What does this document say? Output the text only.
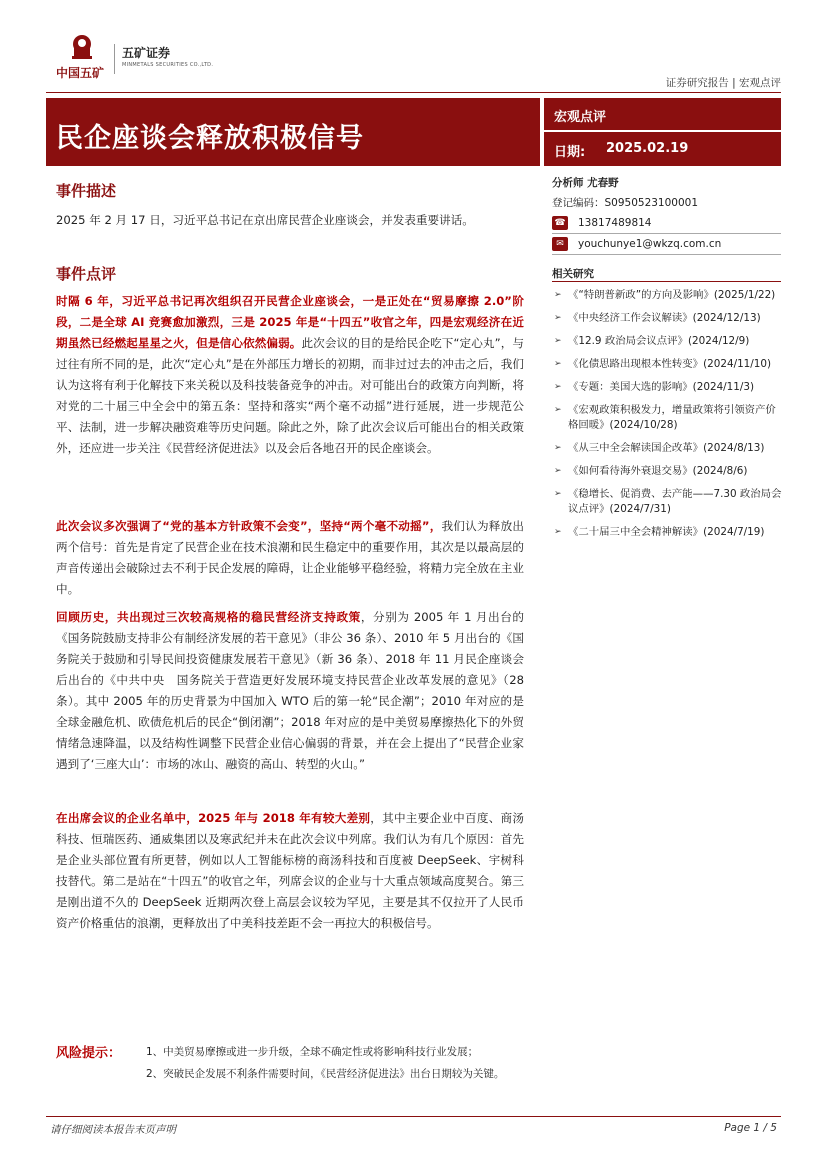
中国五矿
五矿证券
MINMETALS SECURITIES CO.,LTD.
证券研究报告 | 宏观点评
民企座谈会释放积极信号
宏观点评
日期: 2025.02.19
分析师 尤春野
登记编码：S0950523100001
☎ 13817489814
✉	youchunye1@wkzq.com.cn
相关研究
➢ 《“特朗普新政”的方向及影响》(2025/1/22)
➢ 《中央经济工作会议解读》(2024/12/13)
➢ 《12.9 政治局会议点评》(2024/12/9)
➢ 《化债思路出现根本性转变》(2024/11/10)
➢ 《专题：美国大选的影响》(2024/11/3)
➢ 《宏观政策积极发力，增量政策将引领资产价格回暖》(2024/10/28)
➢ 《从三中全会解读国企改革》(2024/8/13)
➢ 《如何看待海外衰退交易》(2024/8/6)
➢ 《稳增长、促消费、去产能——7.30 政治局会议点评》(2024/7/31)
➢ 《二十届三中全会精神解读》(2024/7/19)
事件描述
2025 年 2 月 17 日，习近平总书记在京出席民营企业座谈会，并发表重要讲话。
事件点评
时隔 6 年，习近平总书记再次组织召开民营企业座谈会，一是正处在“贸易摩擦 2.0”阶段，二是全球 AI 竞赛愈加激烈，三是 2025 年是“十四五”收官之年，四是宏观经济在近期虽然已经燃起星星之火，但是信心依然偏弱。此次会议的目的是给民企吃下“定心丸”，与过往有所不同的是，此次“定心丸”是在外部压力增长的初期，而非过过去的冲击之后，我们认为这将有利于化解技下来关税以及科技装备竞争的冲击。对可能出台的政策方向判断，将对党的二十届三中全会中的第五条：坚持和落实“两个毫不动摇”进行延展，进一步规范公平、法制，进一步解决融资难等历史问题。除此之外，除了此次会议后可能出台的相关政策外，还应进一步关注《民营经济促进法》以及会后各地召开的民企座谈会。
此次会议多次强调了“党的基本方针政策不会变”，坚持“两个毫不动摇”，我们认为释放出两个信号：首先是肯定了民营企业在技术浪潮和民生稳定中的重要作用，其次是以最高层的声音传递出会破除过去不利于民企发展的障碍，让企业能够平稳经验，将精力完全放在主业中。
回顾历史，共出现过三次较高规格的稳民营经济支持政策，分别为 2005 年 1 月出台的《国务院鼓励支持非公有制经济发展的若干意见》（非公 36 条）、2010 年 5 月出台的《国务院关于鼓励和引导民间投资健康发展若干意见》（新 36 条）、2018 年 11 月民企座谈会后出台的《中共中央　国务院关于营造更好发展环境支持民营企业改革发展的意见》（28 条）。其中 2005 年的历史背景为中国加入 WTO 后的第一轮“民企潮”；2010 年对应的是全球金融危机、欧债危机后的民企“倒闭潮”；2018 年对应的是中美贸易摩擦热化下的外贸情绪急速降温，以及结构性调整下民营企业信心偏弱的背景，并在会上提出了“民营企业家遇到了‘三座大山’：市场的冰山、融资的高山、转型的火山。”
在出席会议的企业名单中，2025 年与 2018 年有较大差别，其中主要企业中百度、商汤科技、恒瑞医药、通威集团以及寒武纪并未在此次会议中列席。我们认为有几个原因：首先是企业头部位置有所更替，例如以人工智能标榜的商汤科技和百度被 DeepSeek、宇树科技替代。第二是站在“十四五”的收官之年，列席会议的企业与十大重点领域高度契合。第三是刚出道不久的 DeepSeek 近期两次登上高层会议较为罕见，主要是其不仅拉开了人民币资产价格重估的浪潮，更释放出了中美科技差距不会一再拉大的积极信号。
风险提示： 1、中美贸易摩擦或进一步升级，全球不确定性或将影响科技行业发展；
2、突破民企发展不利条件需要时间，《民营经济促进法》出台日期较为关键。
请仔细阅读本报告末页声明	Page 1 / 5
